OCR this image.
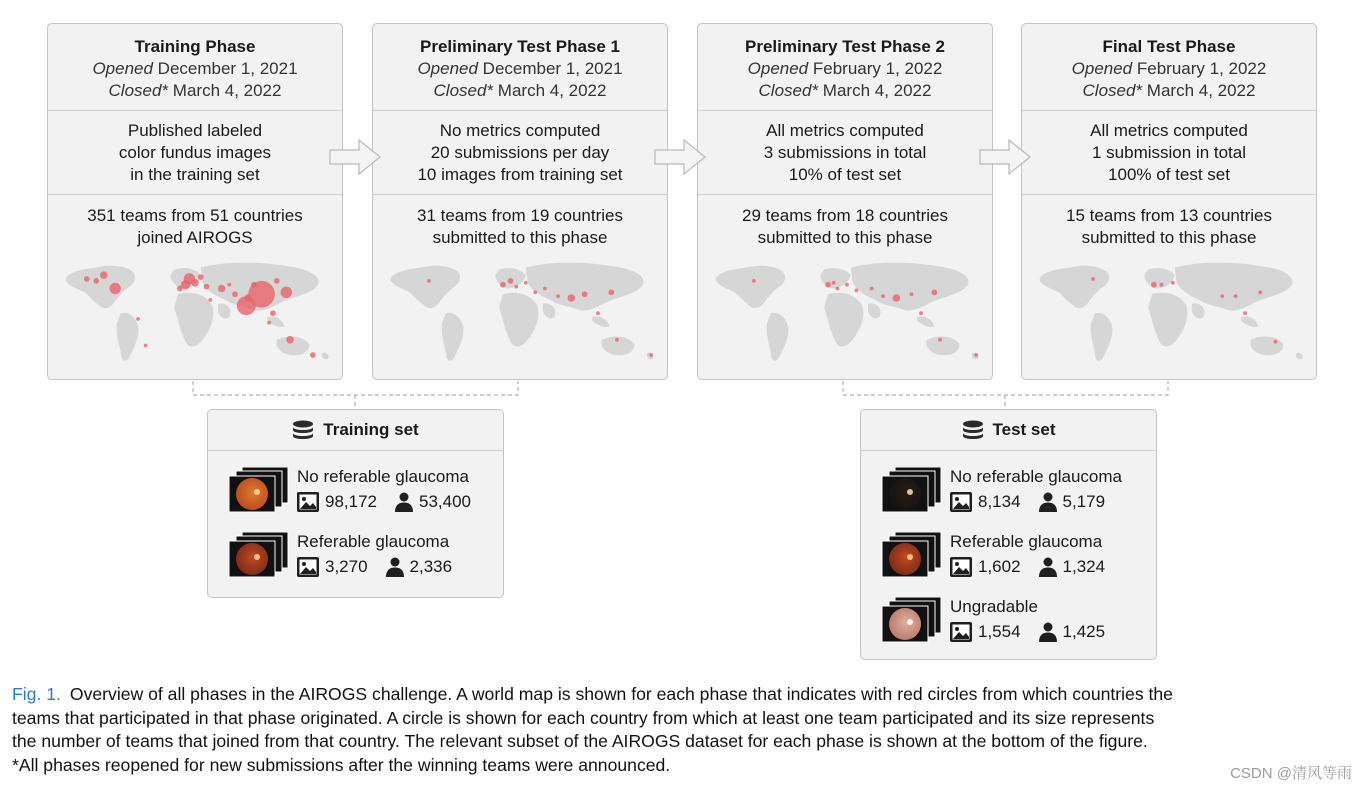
Training Phase
Opened December 1, 2021
Closed* March 4, 2022
Published labeled
color fundus images
in the training set
351 teams from 51 countries
joined AIROGS
Preliminary Test Phase 1
Opened December 1, 2021
Closed* March 4, 2022
No metrics computed
20 submissions per day
10 images from training set
31 teams from 19 countries
submitted to this phase
Preliminary Test Phase 2
Opened February 1, 2022
Closed* March 4, 2022
All metrics computed
3 submissions in total
10% of test set
29 teams from 18 countries
submitted to this phase
Final Test Phase
Opened February 1, 2022
Closed* March 4, 2022
All metrics computed
1 submission in total
100% of test set
15 teams from 13 countries
submitted to this phase
Training set
No referable glaucoma
98,172 53,400
Referable glaucoma
3,270 2,336
Test set
No referable glaucoma
8,134 5,179
Referable glaucoma
1,602 1,324
Ungradable
1,554 1,425
Fig. 1. Overview of all phases in the AIROGS challenge. A world map is shown for each phase that indicates with red circles from which countries the
teams that participated in that phase originated. A circle is shown for each country from which at least one team participated and its size represents
the number of teams that joined from that country. The relevant subset of the AIROGS dataset for each phase is shown at the bottom of the figure.
*All phases reopened for new submissions after the winning teams were announced.	CSDN @清风等雨
